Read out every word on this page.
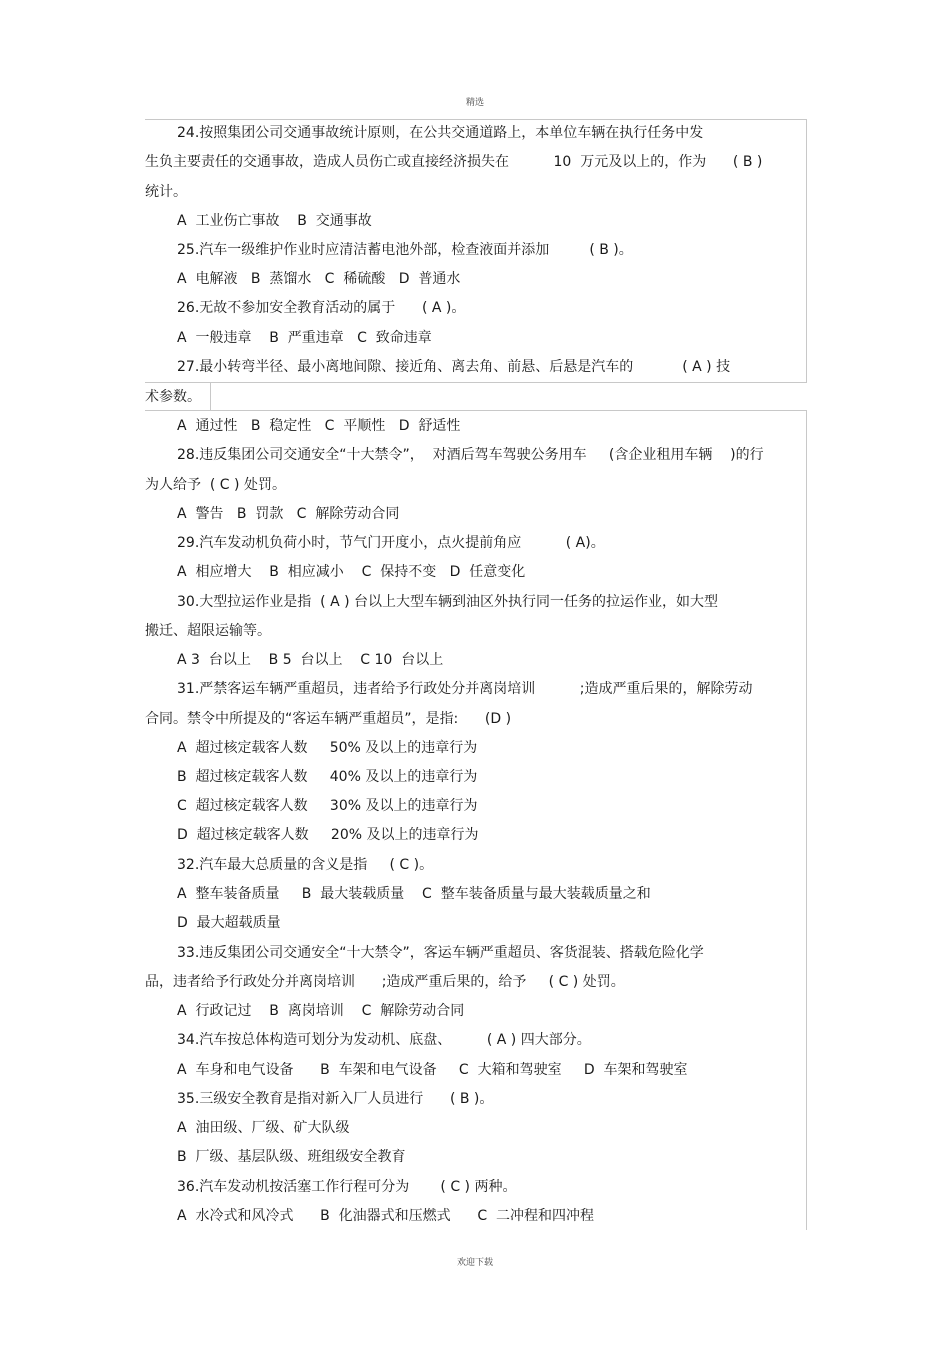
精选
24.按照集团公司交通事故统计原则，在公共交通道路上，本单位车辆在执行任务中发
生负主要责任的交通事故，造成人员伤亡或直接经济损失在          10  万元及以上的，作为      ( B )
统计。
A  工业伤亡事故    B  交通事故
25.汽车一级维护作业时应清洁蓄电池外部，检查液面并添加         ( B )。
A  电解液   B  蒸馏水   C  稀硫酸   D  普通水
26.无故不参加安全教育活动的属于      ( A )。
A  一般违章    B  严重违章   C  致命违章
27.最小转弯半径、最小离地间隙、接近角、离去角、前悬、后悬是汽车的           ( A ) 技
术参数。
A  通过性   B  稳定性   C  平顺性   D  舒适性
28.违反集团公司交通安全“十大禁令”，  对酒后驾车驾驶公务用车     (含企业租用车辆    )的行
为人给予  ( C ) 处罚。
A  警告   B  罚款   C  解除劳动合同
29.汽车发动机负荷小时，节气门开度小，点火提前角应          ( A)。
A  相应增大    B  相应减小    C  保持不变   D  任意变化
30.大型拉运作业是指  ( A ) 台以上大型车辆到油区外执行同一任务的拉运作业，如大型
搬迁、超限运输等。
A 3  台以上    B 5  台以上    C 10  台以上
31.严禁客运车辆严重超员，违者给予行政处分并离岗培训          ;造成严重后果的，解除劳动
合同。禁令中所提及的“客运车辆严重超员”，是指:      (D )
A  超过核定载客人数     50% 及以上的违章行为
B  超过核定载客人数     40% 及以上的违章行为
C  超过核定载客人数     30% 及以上的违章行为
D  超过核定载客人数     20% 及以上的违章行为
32.汽车最大总质量的含义是指     ( C )。
A  整车装备质量     B  最大装载质量    C  整车装备质量与最大装载质量之和
D  最大超载质量
33.违反集团公司交通安全“十大禁令”，客运车辆严重超员、客货混装、搭载危险化学
品，违者给予行政处分并离岗培训      ;造成严重后果的，给予     ( C ) 处罚。
A  行政记过    B  离岗培训    C  解除劳动合同
34.汽车按总体构造可划分为发动机、底盘、        ( A ) 四大部分。
A  车身和电气设备      B  车架和电气设备     C  大箱和驾驶室     D  车架和驾驶室
35.三级安全教育是指对新入厂人员进行      ( B )。
A  油田级、厂级、矿大队级
B  厂级、基层队级、班组级安全教育
36.汽车发动机按活塞工作行程可分为       ( C ) 两种。
A  水冷式和风冷式      B  化油器式和压燃式      C  二冲程和四冲程
欢迎下载
